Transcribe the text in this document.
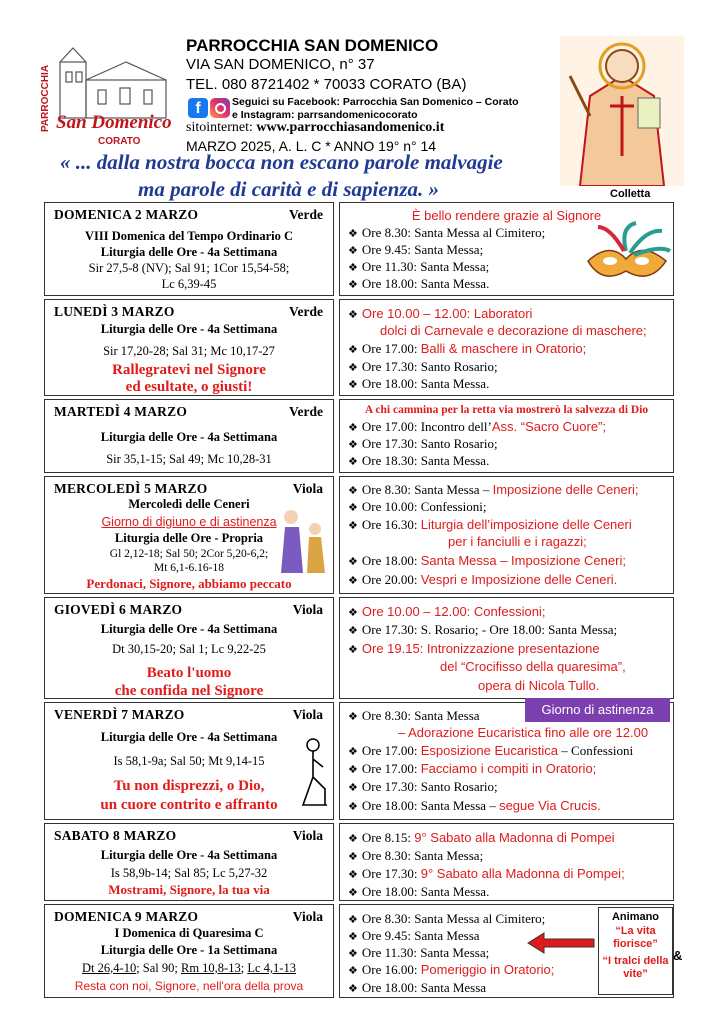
PARROCCHIA San Domenico
CORATO
PARROCCHIA SAN DOMENICO
VIA SAN DOMENICO, n° 37
TEL. 080 8721402 * 70033 CORATO (BA)
f	Seguici su Facebook: Parrocchia San Domenico – Corato
e Instagram: parrsandomenicocorato
sitointernet: www.parrocchiasandomenico.it
MARZO 2025, A. L. C * ANNO 19° n° 14
« ... dalla nostra bocca non escano parole malvagie
ma parole di carità e di sapienza. »	Colletta
DOMENICA 2 MARZO	Verde
VIII Domenica del Tempo Ordinario C
Liturgia delle Ore - 4a Settimana
Sir 27,5-8 (NV); Sal 91; 1Cor 15,54-58;
Lc 6,39-45
È bello rendere grazie al Signore
❖ Ore 8.30: Santa Messa al Cimitero;
❖ Ore 9.45: Santa Messa;
❖ Ore 11.30: Santa Messa;
❖ Ore 18.00: Santa Messa.
LUNEDÌ 3 MARZO	Verde
Liturgia delle Ore - 4a Settimana
Sir 17,20-28; Sal 31; Mc 10,17-27
Rallegratevi nel Signore
ed esultate, o giusti!
❖ Ore 10.00 – 12.00: Laboratori
dolci di Carnevale e decorazione di maschere;
❖ Ore 17.00: Balli & maschere in Oratorio;
❖ Ore 17.30: Santo Rosario;
❖ Ore 18.00: Santa Messa.
MARTEDÌ 4 MARZO	Verde
Liturgia delle Ore - 4a Settimana
Sir 35,1-15; Sal 49; Mc 10,28-31
A chi cammina per la retta via mostrerò la salvezza di Dio
❖ Ore 17.00: Incontro dell’Ass. “Sacro Cuore”;
❖ Ore 17.30: Santo Rosario;
❖ Ore 18.30: Santa Messa.
MERCOLEDÌ 5 MARZO	Viola
Mercoledì delle Ceneri
Giorno di digiuno e di astinenza
Liturgia delle Ore - Propria
Gl 2,12-18; Sal 50; 2Cor 5,20-6,2;
Mt 6,1-6.16-18
Perdonaci, Signore, abbiamo peccato
❖ Ore 8.30: Santa Messa – Imposizione delle Ceneri;
❖ Ore 10.00: Confessioni;
❖ Ore 16.30: Liturgia dell’imposizione delle Ceneri
per i fanciulli e i ragazzi;
❖ Ore 18.00: Santa Messa – Imposizione Ceneri;
❖ Ore 20.00: Vespri e Imposizione delle Ceneri.
GIOVEDÌ 6 MARZO	Viola
Liturgia delle Ore - 4a Settimana
Dt 30,15-20; Sal 1; Lc 9,22-25
Beato l'uomo
che confida nel Signore
❖ Ore 10.00 – 12.00: Confessioni;
❖ Ore 17.30: S. Rosario; - Ore 18.00: Santa Messa;
❖ Ore 19.15: Intronizzazione presentazione
del “Crocifisso della quaresima”,
opera di Nicola Tullo.
VENERDÌ 7 MARZO	Viola
Liturgia delle Ore - 4a Settimana
Is 58,1-9a; Sal 50; Mt 9,14-15
Tu non disprezzi, o Dio,
un cuore contrito e affranto
Giorno di astinenza
❖ Ore 8.30: Santa Messa
– Adorazione Eucaristica fino alle ore 12.00
❖ Ore 17.00: Esposizione Eucaristica – Confessioni
❖ Ore 17.00: Facciamo i compiti in Oratorio;
❖ Ore 17.30: Santo Rosario;
❖ Ore 18.00: Santa Messa – segue Via Crucis.
SABATO 8 MARZO	Viola
Liturgia delle Ore - 4a Settimana
Is 58,9b-14; Sal 85; Lc 5,27-32
Mostrami, Signore, la tua via
❖ Ore 8.15: 9° Sabato alla Madonna di Pompei
❖ Ore 8.30: Santa Messa;
❖ Ore 17.30: 9° Sabato alla Madonna di Pompei;
❖ Ore 18.00: Santa Messa.
DOMENICA 9 MARZO	Viola
I Domenica di Quaresima C
Liturgia delle Ore - 1a Settimana
Dt 26,4-10; Sal 90; Rm 10,8-13; Lc 4,1-13
Resta con noi, Signore, nell'ora della prova
❖ Ore 8.30: Santa Messa al Cimitero;
❖ Ore 9.45: Santa Messa
❖ Ore 11.30: Santa Messa;
❖ Ore 16.00: Pomeriggio in Oratorio;
❖ Ore 18.00: Santa Messa
Animano
“La vita fiorisce”
“I tralci della vite”
&
